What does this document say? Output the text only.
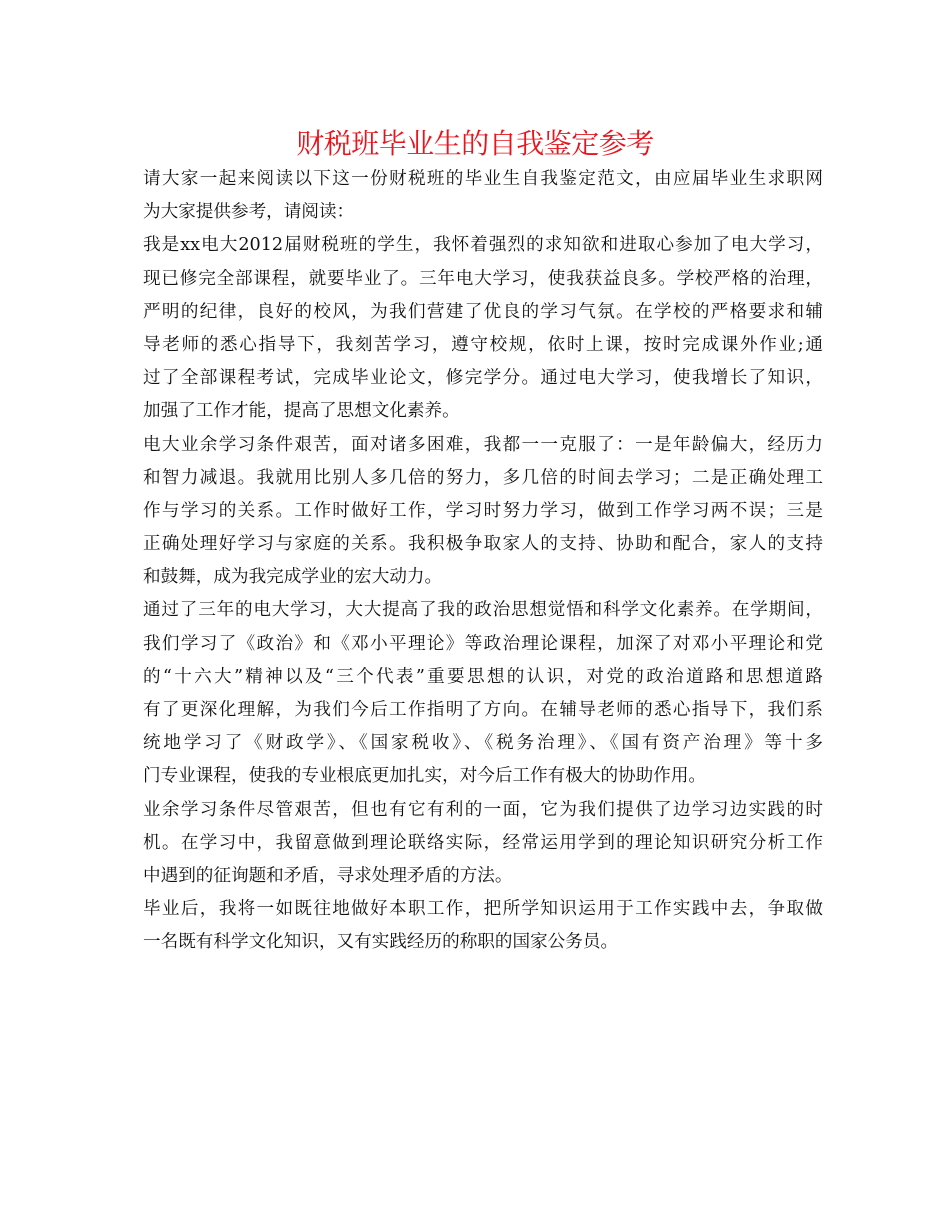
财税班毕业生的自我鉴定参考
请大家一起来阅读以下这一份财税班的毕业生自我鉴定范文，由应届毕业生求职网
为大家提供参考，请阅读：
我是xx电大2012届财税班的学生，我怀着强烈的求知欲和进取心参加了电大学习，
现已修完全部课程，就要毕业了。三年电大学习，使我获益良多。学校严格的治理，
严明的纪律，良好的校风，为我们营建了优良的学习气氛。在学校的严格要求和辅
导老师的悉心指导下，我刻苦学习，遵守校规，依时上课，按时完成课外作业;通
过了全部课程考试，完成毕业论文，修完学分。通过电大学习，使我增长了知识，
加强了工作才能，提高了思想文化素养。
电大业余学习条件艰苦，面对诸多困难，我都一一克服了：一是年龄偏大，经历力
和智力减退。我就用比别人多几倍的努力，多几倍的时间去学习；二是正确处理工
作与学习的关系。工作时做好工作，学习时努力学习，做到工作学习两不误；三是
正确处理好学习与家庭的关系。我积极争取家人的支持、协助和配合，家人的支持
和鼓舞，成为我完成学业的宏大动力。
通过了三年的电大学习，大大提高了我的政治思想觉悟和科学文化素养。在学期间，
我们学习了《政治》和《邓小平理论》等政治理论课程，加深了对邓小平理论和党
的“十六大”精神以及“三个代表”重要思想的认识，对党的政治道路和思想道路
有了更深化理解，为我们今后工作指明了方向。在辅导老师的悉心指导下，我们系
统地学习了《财政学》、《国家税收》、《税务治理》、《国有资产治理》等十多
门专业课程，使我的专业根底更加扎实，对今后工作有极大的协助作用。
业余学习条件尽管艰苦，但也有它有利的一面，它为我们提供了边学习边实践的时
机。在学习中，我留意做到理论联络实际，经常运用学到的理论知识研究分析工作
中遇到的征询题和矛盾，寻求处理矛盾的方法。
毕业后，我将一如既往地做好本职工作，把所学知识运用于工作实践中去，争取做
一名既有科学文化知识，又有实践经历的称职的国家公务员。
